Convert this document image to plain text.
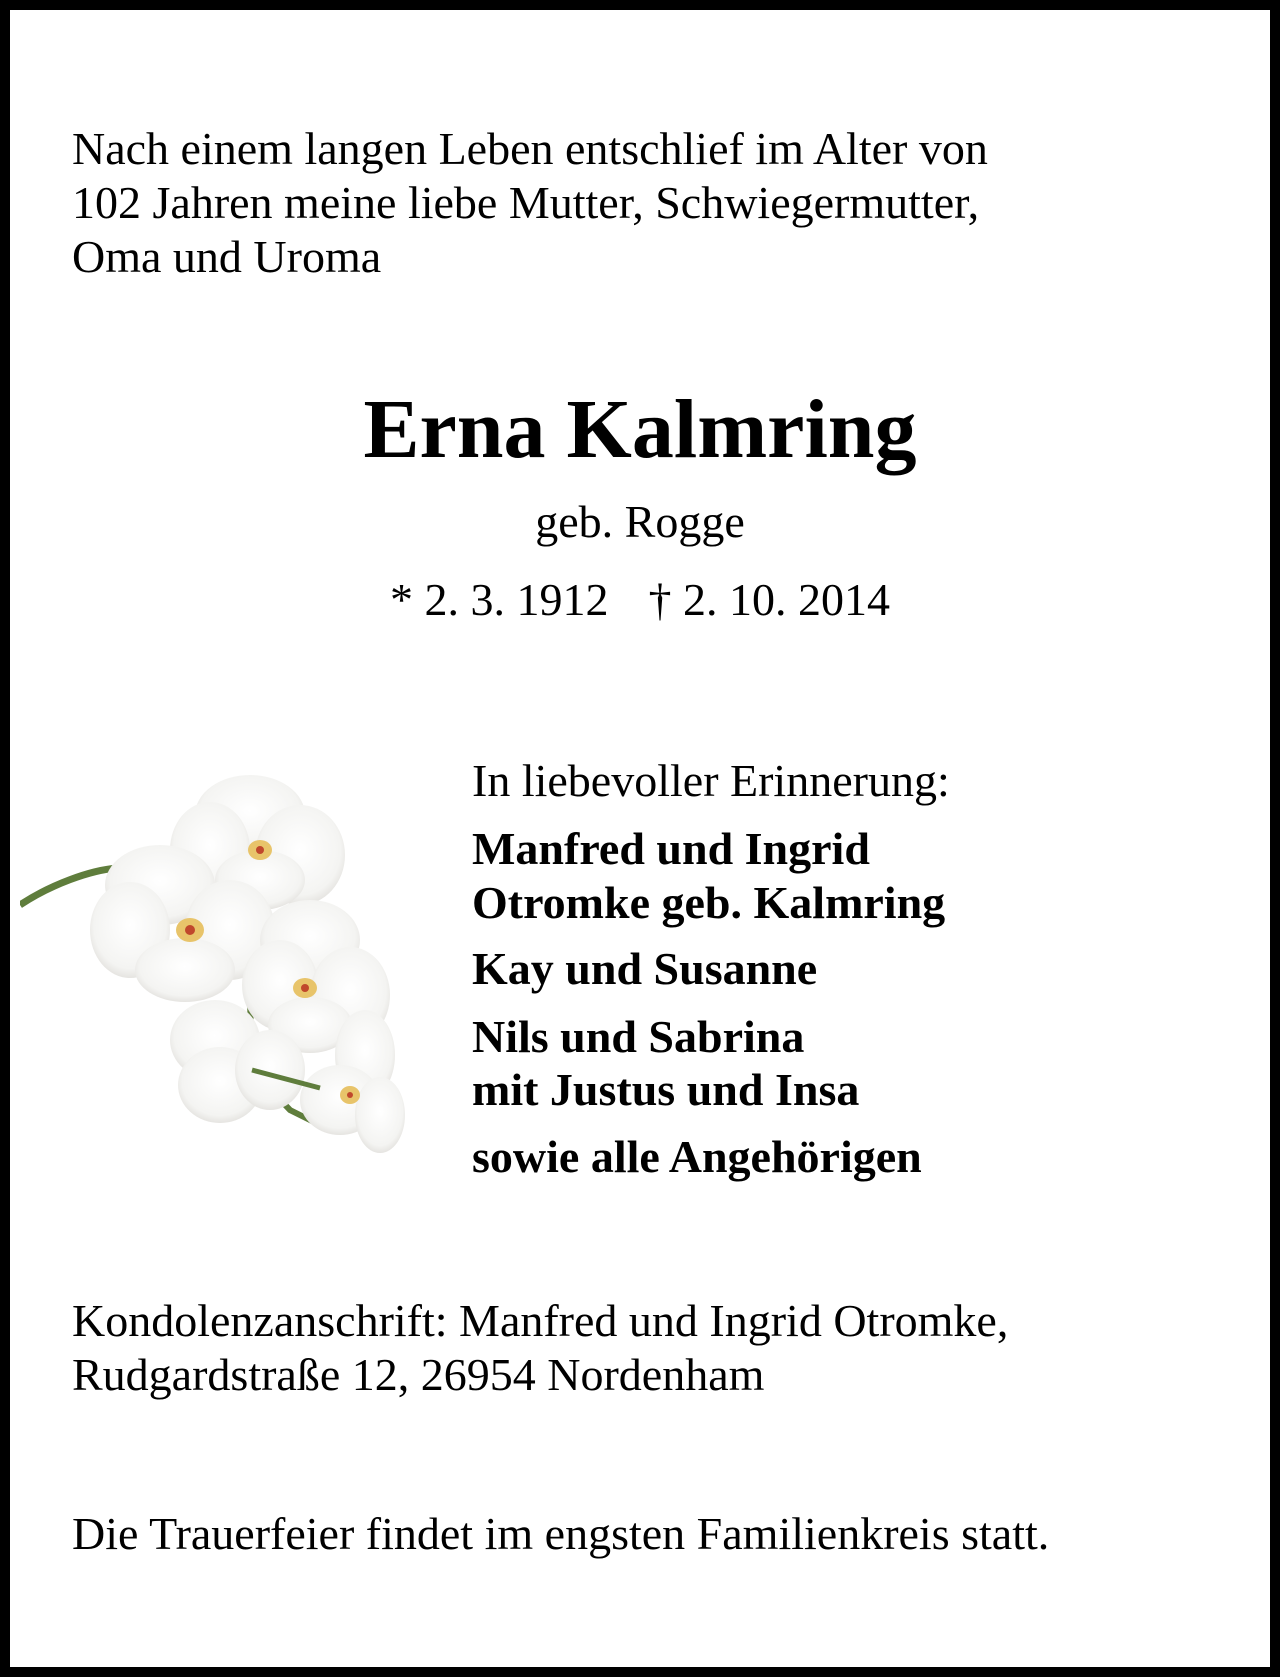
Nach einem langen Leben entschlief im Alter von
102 Jahren meine liebe Mutter, Schwiegermutter,
Oma und Uroma

Erna Kalmring
geb. Rogge
* 2. 3. 1912 † 2. 10. 2014
In liebevoller Erinnerung:
Manfred und Ingrid
Otromke geb. Kalmring
Kay und Susanne
Nils und Sabrina
mit Justus und Insa
sowie alle Angehörigen
Kondolenzanschrift: Manfred und Ingrid Otromke,
Rudgardstraße 12, 26954 Nordenham
Die Trauerfeier findet im engsten Familienkreis statt.
